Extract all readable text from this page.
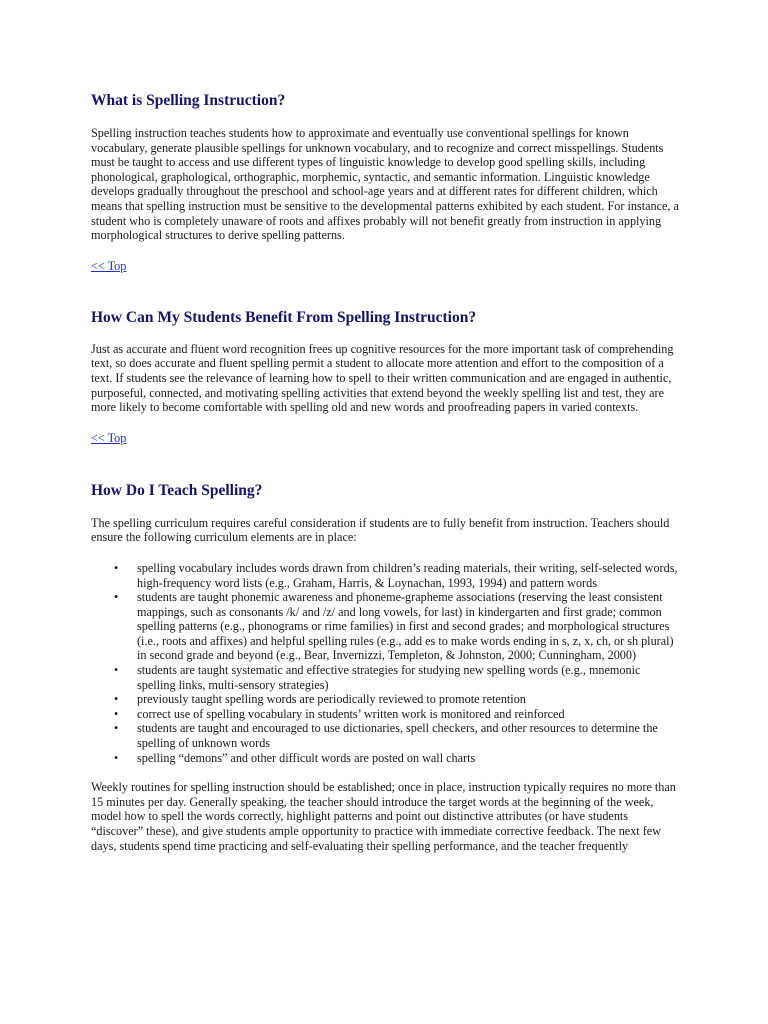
What is Spelling Instruction?

Spelling instruction teaches students how to approximate and eventually use conventional spellings for known vocabulary, generate plausible spellings for unknown vocabulary, and to recognize and correct misspellings. Students must be taught to access and use different types of linguistic knowledge to develop good spelling skills, including phonological, graphological, orthographic, morphemic, syntactic, and semantic information. Linguistic knowledge develops gradually throughout the preschool and school-age years and at different rates for different children, which means that spelling instruction must be sensitive to the developmental patterns exhibited by each student. For instance, a student who is completely unaware of roots and affixes probably will not benefit greatly from instruction in applying morphological structures to derive spelling patterns.

<< Top
How Can My Students Benefit From Spelling Instruction?

Just as accurate and fluent word recognition frees up cognitive resources for the more important task of comprehending text, so does accurate and fluent spelling permit a student to allocate more attention and effort to the composition of a text. If students see the relevance of learning how to spell to their written communication and are engaged in authentic, purposeful, connected, and motivating spelling activities that extend beyond the weekly spelling list and test, they are more likely to become comfortable with spelling old and new words and proofreading papers in varied contexts.

<< Top
How Do I Teach Spelling?

The spelling curriculum requires careful consideration if students are to fully benefit from instruction. Teachers should ensure the following curriculum elements are in place:

• spelling vocabulary includes words drawn from children’s reading materials, their writing, self-selected words, high-frequency word lists (e.g., Graham, Harris, & Loynachan, 1993, 1994) and pattern words
• students are taught phonemic awareness and phoneme-grapheme associations (reserving the least consistent mappings, such as consonants /k/ and /z/ and long vowels, for last) in kindergarten and first grade; common spelling patterns (e.g., phonograms or rime families) in first and second grades; and morphological structures (i.e., roots and affixes) and helpful spelling rules (e.g., add es to make words ending in s, z, x, ch, or sh plural) in second grade and beyond (e.g., Bear, Invernizzi, Templeton, & Johnston, 2000; Cunningham, 2000)
• students are taught systematic and effective strategies for studying new spelling words (e.g., mnemonic spelling links, multi-sensory strategies)
• previously taught spelling words are periodically reviewed to promote retention
• correct use of spelling vocabulary in students’ written work is monitored and reinforced
• students are taught and encouraged to use dictionaries, spell checkers, and other resources to determine the spelling of unknown words
• spelling “demons” and other difficult words are posted on wall charts

Weekly routines for spelling instruction should be established; once in place, instruction typically requires no more than 15 minutes per day. Generally speaking, the teacher should introduce the target words at the beginning of the week, model how to spell the words correctly, highlight patterns and point out distinctive attributes (or have students “discover” these), and give students ample opportunity to practice with immediate corrective feedback. The next few days, students spend time practicing and self-evaluating their spelling performance, and the teacher frequently
